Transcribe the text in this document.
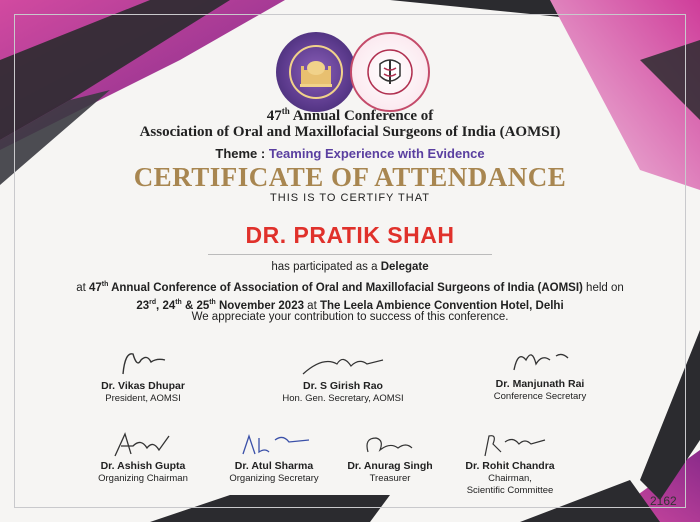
47th Annual Conference of
Association of Oral and Maxillofacial Surgeons of India (AOMSI)
Theme : Teaming Experience with Evidence
CERTIFICATE OF ATTENDANCE
THIS IS TO CERTIFY THAT
DR. PRATIK SHAH
has participated as a Delegate
at 47th Annual Conference of Association of Oral and Maxillofacial Surgeons of India (AOMSI) held on
23rd, 24th & 25th November 2023 at The Leela Ambience Convention Hotel, Delhi
We appreciate your contribution to success of this conference.
Dr. Vikas Dhupar
President, AOMSI
Dr. S Girish Rao
Hon. Gen. Secretary, AOMSI
Dr. Manjunath Rai
Conference Secretary
Dr. Ashish Gupta
Organizing Chairman
Dr. Atul Sharma
Organizing Secretary
Dr. Anurag Singh
Treasurer
Dr. Rohit Chandra
Chairman,
Scientific Committee
2162
